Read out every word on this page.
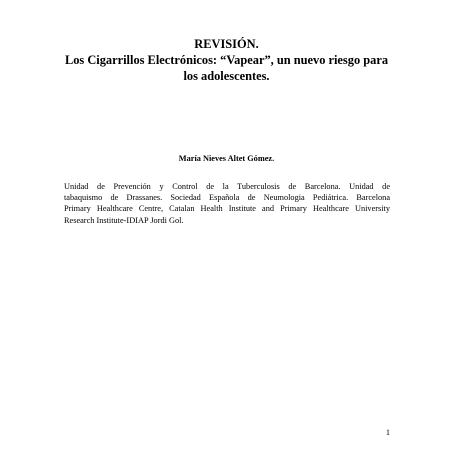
REVISIÓN.
Los Cigarrillos Electrónicos: “Vapear”, un nuevo riesgo para
los adolescentes.
María Nieves Altet Gómez.
Unidad de Prevención y Control de la Tuberculosis de Barcelona. Unidad de
tabaquismo de Drassanes. Sociedad Española de Neumologia Pediátrica. Barcelona
Primary Healthcare Centre, Catalan Health Institute and Primary Healthcare University
Research Institute-IDIAP Jordi Gol.
1
